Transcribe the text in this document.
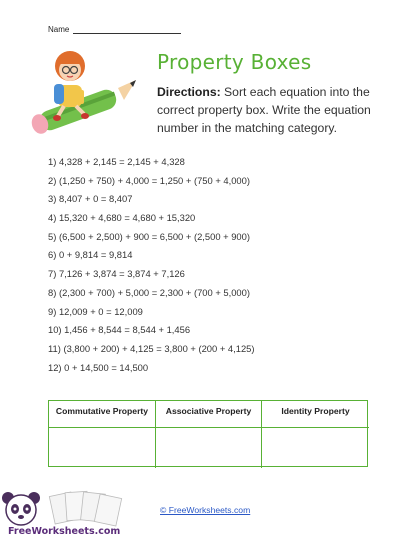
Name
Property Boxes
Directions: Sort each equation into the correct property box. Write the equation number in the matching category.
1) 4,328 + 2,145 = 2,145 + 4,328
2) (1,250 + 750) + 4,000 = 1,250 + (750 + 4,000)
3) 8,407 + 0 = 8,407
4) 15,320 + 4,680 = 4,680 + 15,320
5) (6,500 + 2,500) + 900 = 6,500 + (2,500 + 900)
6) 0 + 9,814 = 9,814
7) 7,126 + 3,874 = 3,874 + 7,126
8) (2,300 + 700) + 5,000 = 2,300 + (700 + 5,000)
9) 12,009 + 0 = 12,009
10) 1,456 + 8,544 = 8,544 + 1,456
11) (3,800 + 200) + 4,125 = 3,800 + (200 + 4,125)
12) 0 + 14,500 = 14,500
Commutative Property	Associative Property	Identity Property
© FreeWorksheets.com
FreeWorksheets.com
